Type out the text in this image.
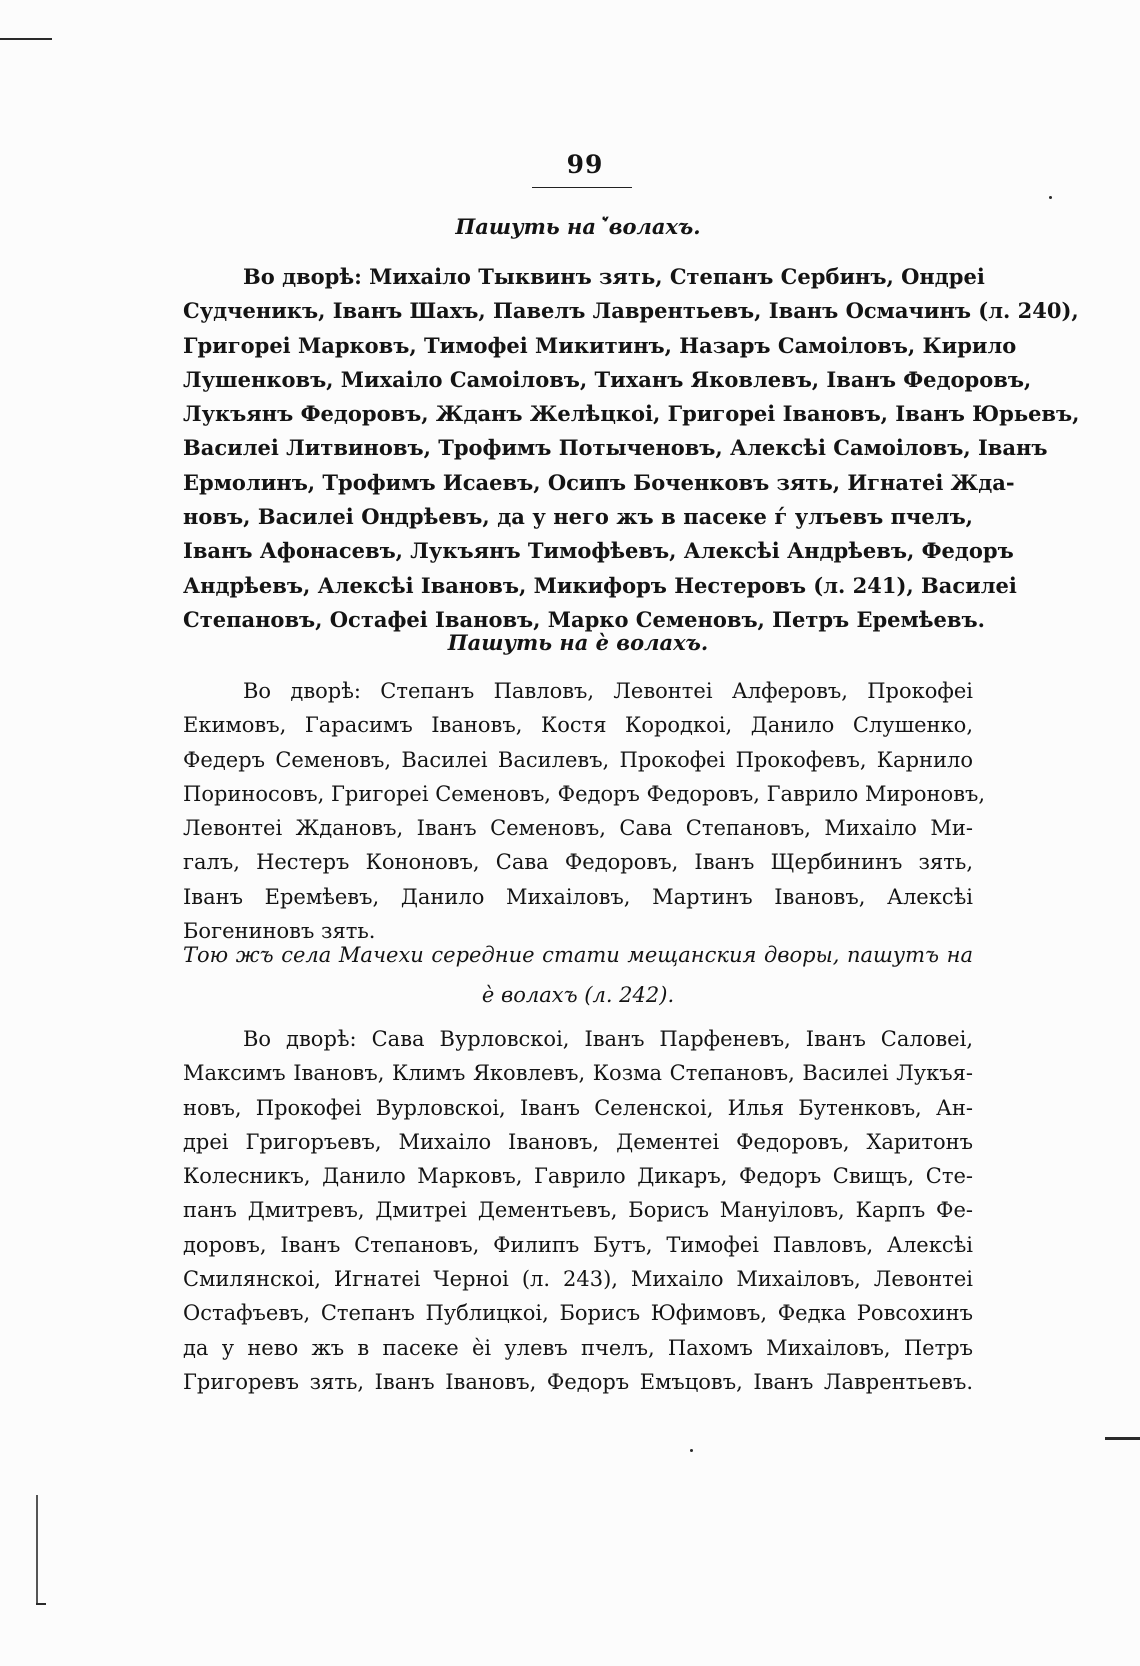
99
Пашуть на ꙽ волахъ.
Во дворѣ: Михаіло Тыквинъ зять, Степанъ Сербинъ, Ондреі
Судченикъ, Іванъ Шахъ, Павелъ Лаврентьевъ, Іванъ Осмачинъ (л. 240),
Григореі Марковъ, Тимофеі Микитинъ, Назаръ Самоіловъ, Кирило
Лушенковъ, Михаіло Самоіловъ, Тиханъ Яковлевъ, Іванъ Федоровъ,
Лукъянъ Федоровъ, Жданъ Желѣцкоі, Григореі Івановъ, Іванъ Юрьевъ,
Василеі Литвиновъ, Трофимъ Потыченовъ, Алексѣі Самоіловъ, Іванъ
Ермолинъ, Трофимъ Исаевъ, Осипъ Боченковъ зять, Игнатеі Жда-
новъ, Василеі Ондрѣевъ, да у него жъ в пасеке ѓ улъевъ пчелъ,
Іванъ Афонасевъ, Лукъянъ Тимофѣевъ, Алексѣі Андрѣевъ, Федоръ
Андрѣевъ, Алексѣі Івановъ, Микифоръ Нестеровъ (л. 241), Василеі
Степановъ, Остафеі Івановъ, Марко Семеновъ, Петръ Еремѣевъ.
Пашуть на ѐ волахъ.
Во дворѣ: Степанъ Павловъ, Левонтеі Алферовъ, Прокофеі
Екимовъ, Гарасимъ Івановъ, Костя Кородкоі, Данило Слушенко,
Федеръ Семеновъ, Василеі Василевъ, Прокофеі Прокофевъ, Карнило
Пориносовъ, Григореі Семеновъ, Федоръ Федоровъ, Гаврило Мироновъ,
Левонтеі Ждановъ, Іванъ Семеновъ, Сава Степановъ, Михаіло Ми-
галъ, Нестеръ Кононовъ, Сава Федоровъ, Іванъ Щербининъ зять,
Іванъ Еремѣевъ, Данило Михаіловъ, Мартинъ Івановъ, Алексѣі
Богениновъ зять.
Тою жъ села Мачехи середние стати мещанския дворы, пашутъ на
ѐ волахъ (л. 242).
Во дворѣ: Сава Вурловскоі, Іванъ Парфеневъ, Іванъ Саловеі,
Максимъ Івановъ, Климъ Яковлевъ, Козма Степановъ, Василеі Лукъя-
новъ, Прокофеі Вурловскоі, Іванъ Селенскоі, Илья Бутенковъ, Ан-
дреі Григоръевъ, Михаіло Івановъ, Дементеі Федоровъ, Харитонъ
Колесникъ, Данило Марковъ, Гаврило Дикаръ, Федоръ Свищъ, Сте-
панъ Дмитревъ, Дмитреі Дементьевъ, Борисъ Мануіловъ, Карпъ Фе-
доровъ, Іванъ Степановъ, Филипъ Бутъ, Тимофеі Павловъ, Алексѣі
Смилянскоі, Игнатеі Черноі (л. 243), Михаіло Михаіловъ, Левонтеі
Остафъевъ, Степанъ Публицкоі, Борисъ Юфимовъ, Федка Ровсохинъ
да у нево жъ в пасеке ѐі улевъ пчелъ, Пахомъ Михаіловъ, Петръ
Григоревъ зять, Іванъ Івановъ, Федоръ Емъцовъ, Іванъ Лаврентьевъ.
